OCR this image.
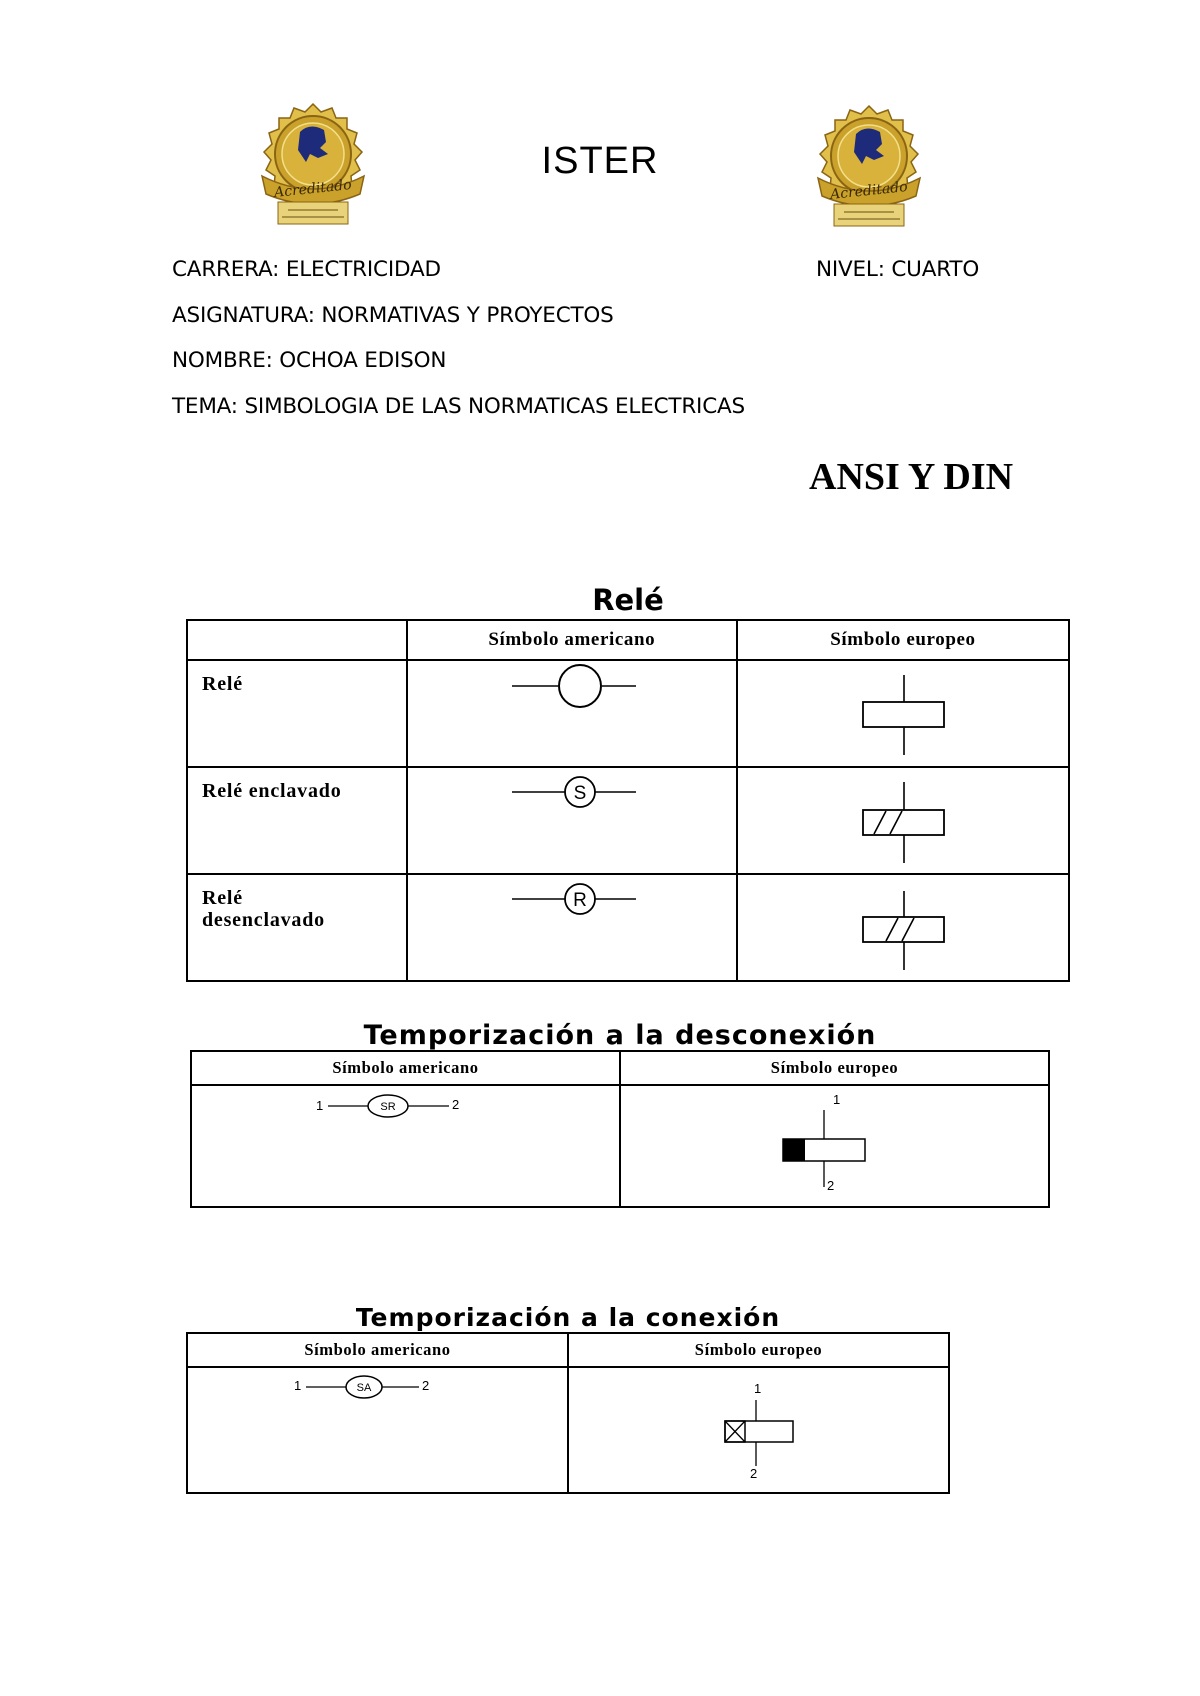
Acreditado	Acreditado
ISTER
CARRERA: ELECTRICIDAD	NIVEL: CUARTO
ASIGNATURA: NORMATIVAS Y PROYECTOS
NOMBRE: OCHOA EDISON
TEMA: SIMBOLOGIA DE LAS NORMATICAS ELECTRICAS
ANSI Y DIN
Relé
	Símbolo americano	Símbolo europeo
Relé	

Relé enclavado	S

Relé
desenclavado	R

Temporización a la desconexión
Símbolo americano	Símbolo europeo

1 SR 2	1
2
Temporización a la conexión
Símbolo americano	Símbolo europeo

1 SA 2	1
2
